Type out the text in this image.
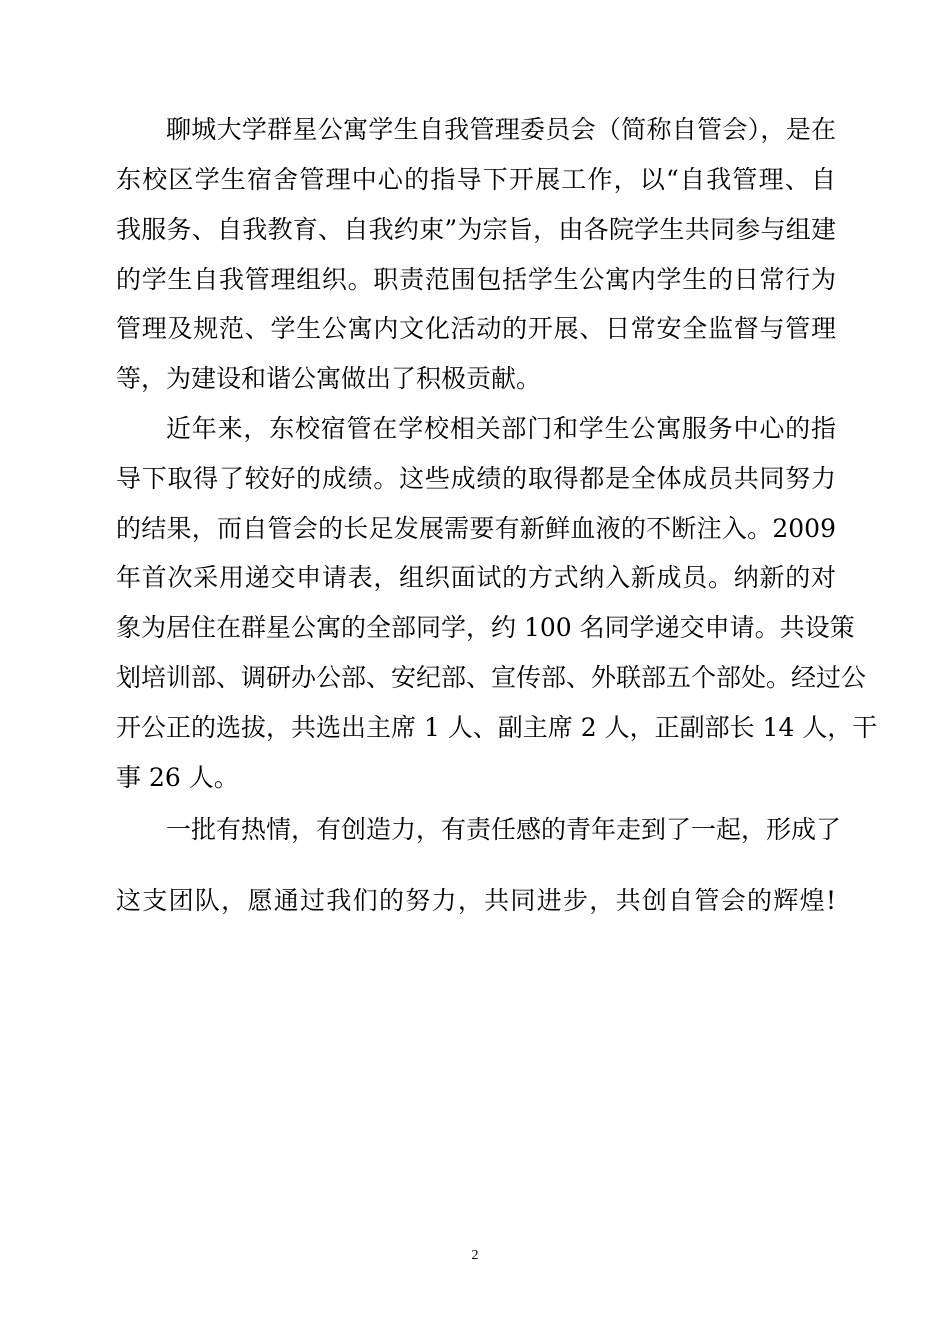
聊城大学群星公寓学生自我管理委员会（简称自管会），是在
东校区学生宿舍管理中心的指导下开展工作，以“自我管理、自
我服务、自我教育、自我约束”为宗旨，由各院学生共同参与组建
的学生自我管理组织。职责范围包括学生公寓内学生的日常行为
管理及规范、学生公寓内文化活动的开展、日常安全监督与管理
等，为建设和谐公寓做出了积极贡献。
近年来，东校宿管在学校相关部门和学生公寓服务中心的指
导下取得了较好的成绩。这些成绩的取得都是全体成员共同努力
的结果，而自管会的长足发展需要有新鲜血液的不断注入。2009
年首次采用递交申请表，组织面试的方式纳入新成员。纳新的对
象为居住在群星公寓的全部同学，约 100 名同学递交申请。共设策
划培训部、调研办公部、安纪部、宣传部、外联部五个部处。经过公
开公正的选拔，共选出主席 1 人、副主席 2 人，正副部长 14 人，干
事 26 人。
一批有热情，有创造力，有责任感的青年走到了一起，形成了
这支团队，愿通过我们的努力，共同进步，共创自管会的辉煌!
2
